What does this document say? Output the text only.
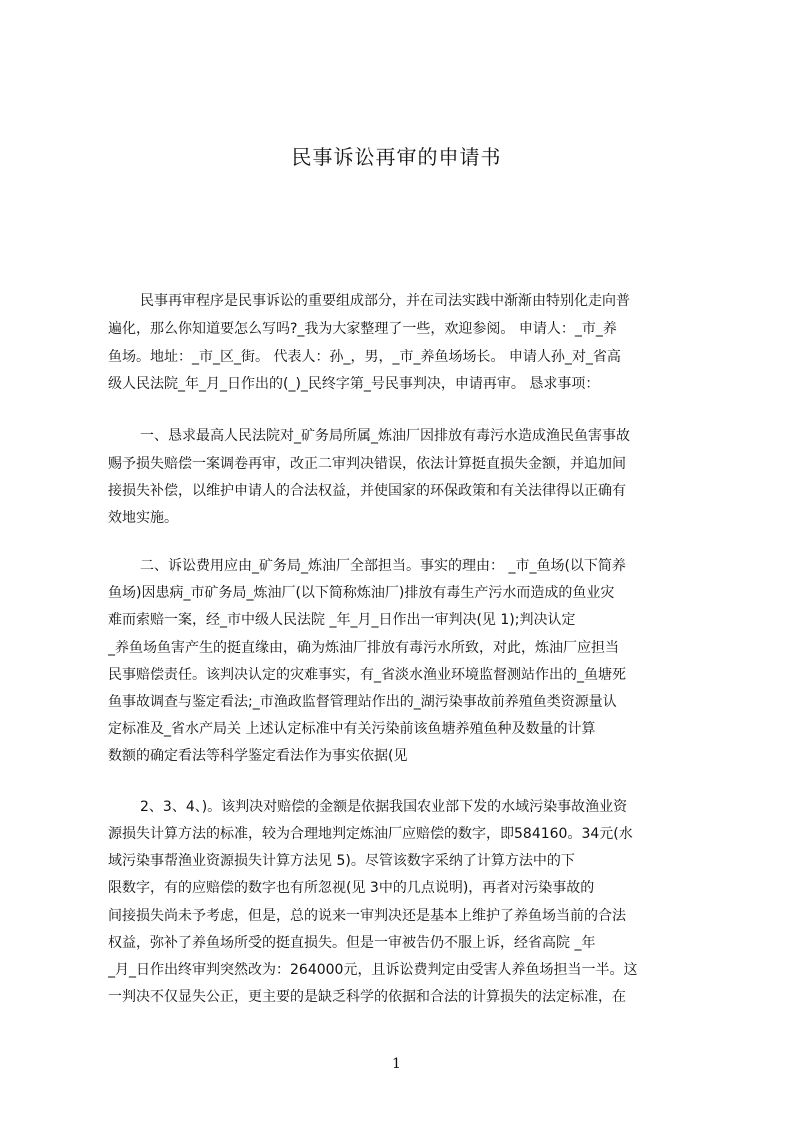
民事诉讼再审的申请书
民事再审程序是民事诉讼的重要组成部分，并在司法实践中渐渐由特别化走向普
遍化，那么你知道要怎么写吗?_我为大家整理了一些，欢迎参阅。 申请人：_市_养
鱼场。地址：_市_区_街。 代表人：孙_，男，_市_养鱼场场长。 申请人孙_对_省高
级人民法院_年_月_日作出的(_)_民终字第_号民事判决，申请再审。 恳求事项：
一、恳求最高人民法院对_矿务局所属_炼油厂因排放有毒污水造成渔民鱼害事故
赐予损失赔偿一案调卷再审，改正二审判决错误，依法计算挺直损失金额，并追加间
接损失补偿，以维护申请人的合法权益，并使国家的环保政策和有关法律得以正确有
效地实施。
二、诉讼费用应由_矿务局_炼油厂全部担当。事实的理由： _市_鱼场(以下简养
鱼场)因患病_市矿务局_炼油厂(以下简称炼油厂)排放有毒生产污水而造成的鱼业灾
难而索赔一案，经_市中级人民法院 _年_月_日作出一审判决(见 1);判决认定
_养鱼场鱼害产生的挺直缘由，确为炼油厂排放有毒污水所致，对此，炼油厂应担当
民事赔偿责任。该判决认定的灾难事实，有_省淡水渔业环境监督测站作出的_鱼塘死
鱼事故调查与鉴定看法;_市渔政监督管理站作出的_湖污染事故前养殖鱼类资源量认
定标准及_省水产局关 上述认定标准中有关污染前该鱼塘养殖鱼种及数量的计算
数额的确定看法等科学鉴定看法作为事实依据(见
2、3、4、)。该判决对赔偿的金额是依据我国农业部下发的水域污染事故渔业资
源损失计算方法的标准，较为合理地判定炼油厂应赔偿的数字，即584160。34元(水
域污染事帮渔业资源损失计算方法见 5)。尽管该数字采纳了计算方法中的下
限数字，有的应赔偿的数字也有所忽视(见 3中的几点说明)，再者对污染事故的
间接损失尚未予考虑，但是，总的说来一审判决还是基本上维护了养鱼场当前的合法
权益，弥补了养鱼场所受的挺直损失。但是一审被告仍不服上诉，经省高院 _年
_月_日作出终审判突然改为：264000元，且诉讼费判定由受害人养鱼场担当一半。这
一判决不仅显失公正，更主要的是缺乏科学的依据和合法的计算损失的法定标准，在
1
